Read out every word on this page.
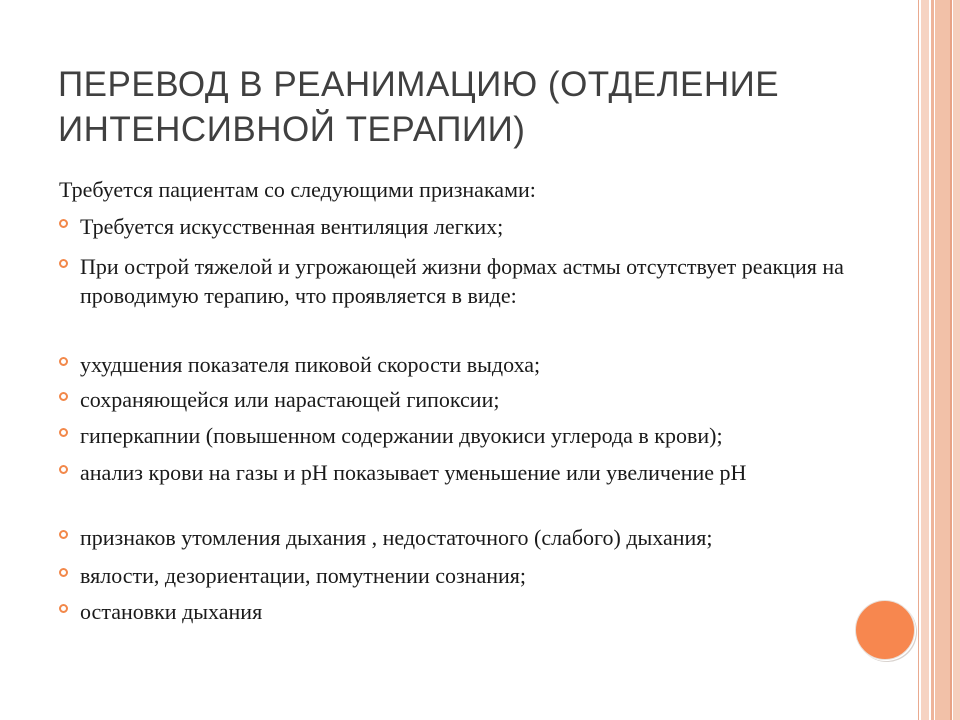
ПЕРЕВОД В РЕАНИМАЦИЮ (ОТДЕЛЕНИЕ
ИНТЕНСИВНОЙ ТЕРАПИИ)

Требуется пациентам со следующими признаками:

Требуется искусственная вентиляция легких;
При острой тяжелой и угрожающей жизни формах астмы отсутствует реакция на проводимую терапию, что проявляется в виде:
ухудшения показателя пиковой скорости выдоха;
сохраняющейся или нарастающей гипоксии;
гиперкапнии (повышенном содержании двуокиси углерода в крови);
анализ крови на газы и pH показывает уменьшение или увеличение pH
признаков утомления дыхания , недостаточного (слабого) дыхания;
вялости, дезориентации, помутнении сознания;
остановки дыхания
